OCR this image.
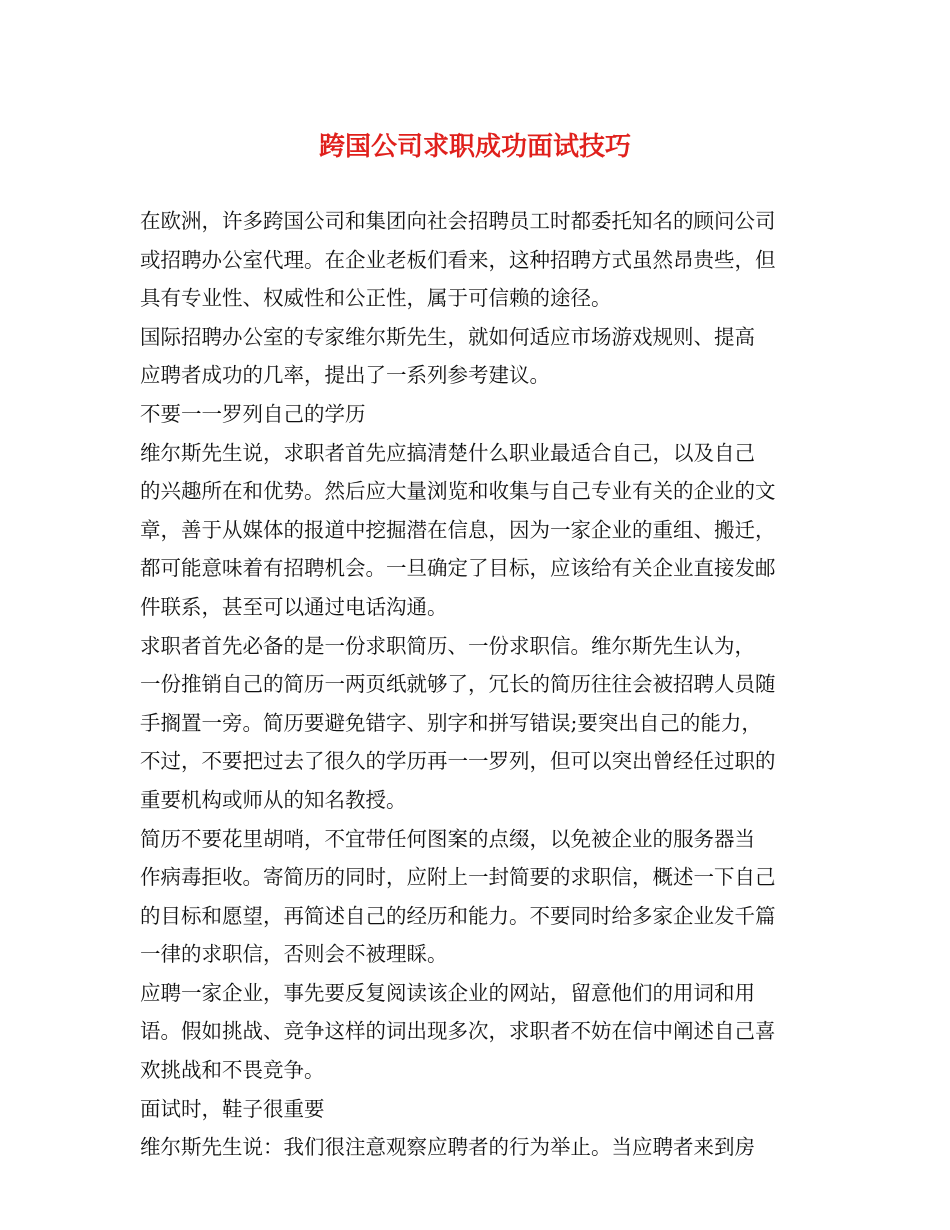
跨国公司求职成功面试技巧

在欧洲，许多跨国公司和集团向社会招聘员工时都委托知名的顾问公司

或招聘办公室代理。在企业老板们看来，这种招聘方式虽然昂贵些，但

具有专业性、权威性和公正性，属于可信赖的途径。

国际招聘办公室的专家维尔斯先生，就如何适应市场游戏规则、提高

应聘者成功的几率，提出了一系列参考建议。

不要一一罗列自己的学历

维尔斯先生说，求职者首先应搞清楚什么职业最适合自己，以及自己

的兴趣所在和优势。然后应大量浏览和收集与自己专业有关的企业的文

章，善于从媒体的报道中挖掘潜在信息，因为一家企业的重组、搬迁，

都可能意味着有招聘机会。一旦确定了目标，应该给有关企业直接发邮

件联系，甚至可以通过电话沟通。

求职者首先必备的是一份求职简历、一份求职信。维尔斯先生认为，

一份推销自己的简历一两页纸就够了，冗长的简历往往会被招聘人员随

手搁置一旁。简历要避免错字、别字和拼写错误;要突出自己的能力，

不过，不要把过去了很久的学历再一一罗列，但可以突出曾经任过职的

重要机构或师从的知名教授。

简历不要花里胡哨，不宜带任何图案的点缀，以免被企业的服务器当

作病毒拒收。寄简历的同时，应附上一封简要的求职信，概述一下自己

的目标和愿望，再简述自己的经历和能力。不要同时给多家企业发千篇

一律的求职信，否则会不被理睬。

应聘一家企业，事先要反复阅读该企业的网站，留意他们的用词和用

语。假如挑战、竞争这样的词出现多次，求职者不妨在信中阐述自己喜

欢挑战和不畏竞争。

面试时，鞋子很重要

维尔斯先生说：我们很注意观察应聘者的行为举止。当应聘者来到房
